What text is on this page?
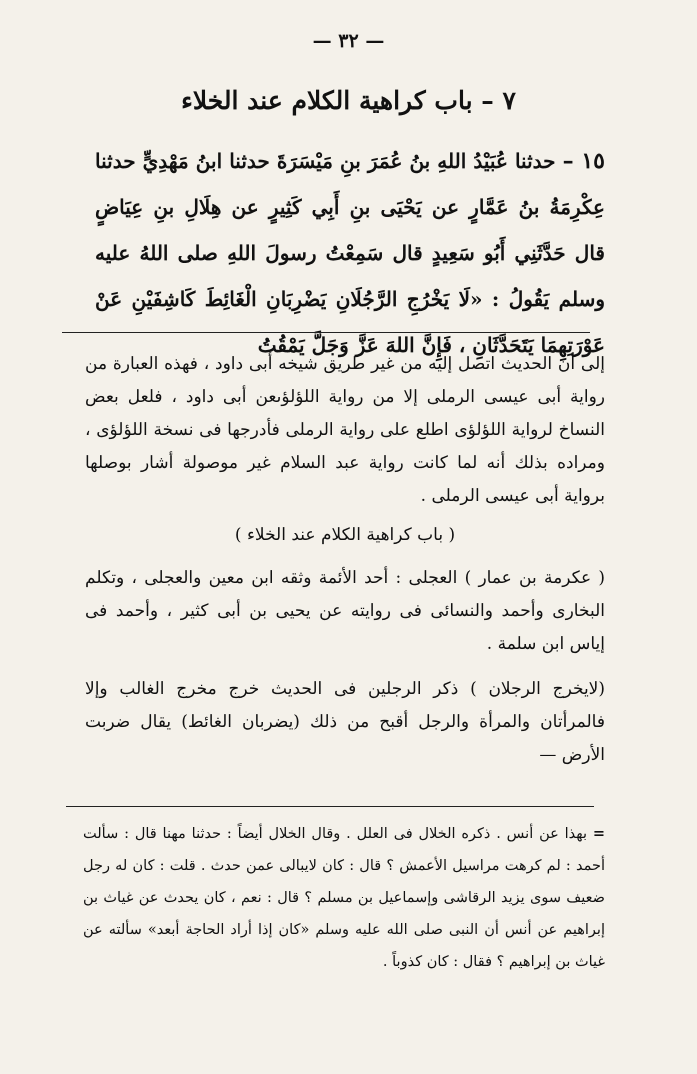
— ٣٢ —
٧ – باب كراهية الكلام عند الخلاء
١٥ – حدثنا عُبَيْدُ اللهِ بنُ عُمَرَ بنِ مَيْسَرَةَ حدثنا ابنُ مَهْدِيٍّ حدثنا عِكْرِمَةُ بنُ عَمَّارٍ عن يَحْيَى بنِ أَبِي كَثِيرٍ عن هِلَالِ بنِ عِيَاضٍ قال حَدَّثَنِي أَبُو سَعِيدٍ قال سَمِعْتُ رسولَ اللهِ صلى اللهُ عليه وسلم يَقُولُ : «لَا يَخْرُجِ الرَّجُلَانِ يَضْرِبَانِ الْغَائِطَ كَاشِفَيْنِ عَنْ عَوْرَتِهِمَا يَتَحَدَّثَانِ ، فَإِنَّ اللهَ عَزَّ وَجَلَّ يَمْقُتُ

إلى أن الحديث اتصل إليه من غير طريق شيخه أبى داود ، فهذه العبارة من رواية أبى عيسى الرملى إلا من رواية اللؤلؤىعن أبى داود ، فلعل بعض النساخ لرواية اللؤلؤى اطلع على رواية الرملى فأدرجها فى نسخة اللؤلؤى ، ومراده بذلك أنه لما كانت رواية عبد السلام غير موصولة أشار بوصلها برواية أبى عيسى الرملى .

( باب كراهية الكلام عند الخلاء )

( عكرمة بن عمار ) العجلى : أحد الأئمة وثقه ابن معين والعجلى ، وتكلم البخارى وأحمد والنسائى فى روايته عن يحيى بن أبى كثير ، وأحمد فى إياس ابن سلمة .

(لايخرج الرجلان ) ذكر الرجلين فى الحديث خرج مخرج الغالب وإلا فالمرأتان والمرأة والرجل أقبح من ذلك (يضربان الغائط) يقال ضربت الأرض —

= بهذا عن أنس . ذكره الخلال فى العلل . وقال الخلال أيضاً : حدثنا مهنا قال : سألت أحمد : لم كرهت مراسيل الأعمش ؟ قال : كان لايبالى عمن حدث . قلت : كان له رجل ضعيف سوى يزيد الرقاشى وإسماعيل بن مسلم ؟ قال : نعم ، كان يحدث عن غياث بن إبراهيم عن أنس أن النبى صلى الله عليه وسلم «كان إذا أراد الحاجة أبعد» سألته عن غياث بن إبراهيم ؟ فقال : كان كذوباً .
